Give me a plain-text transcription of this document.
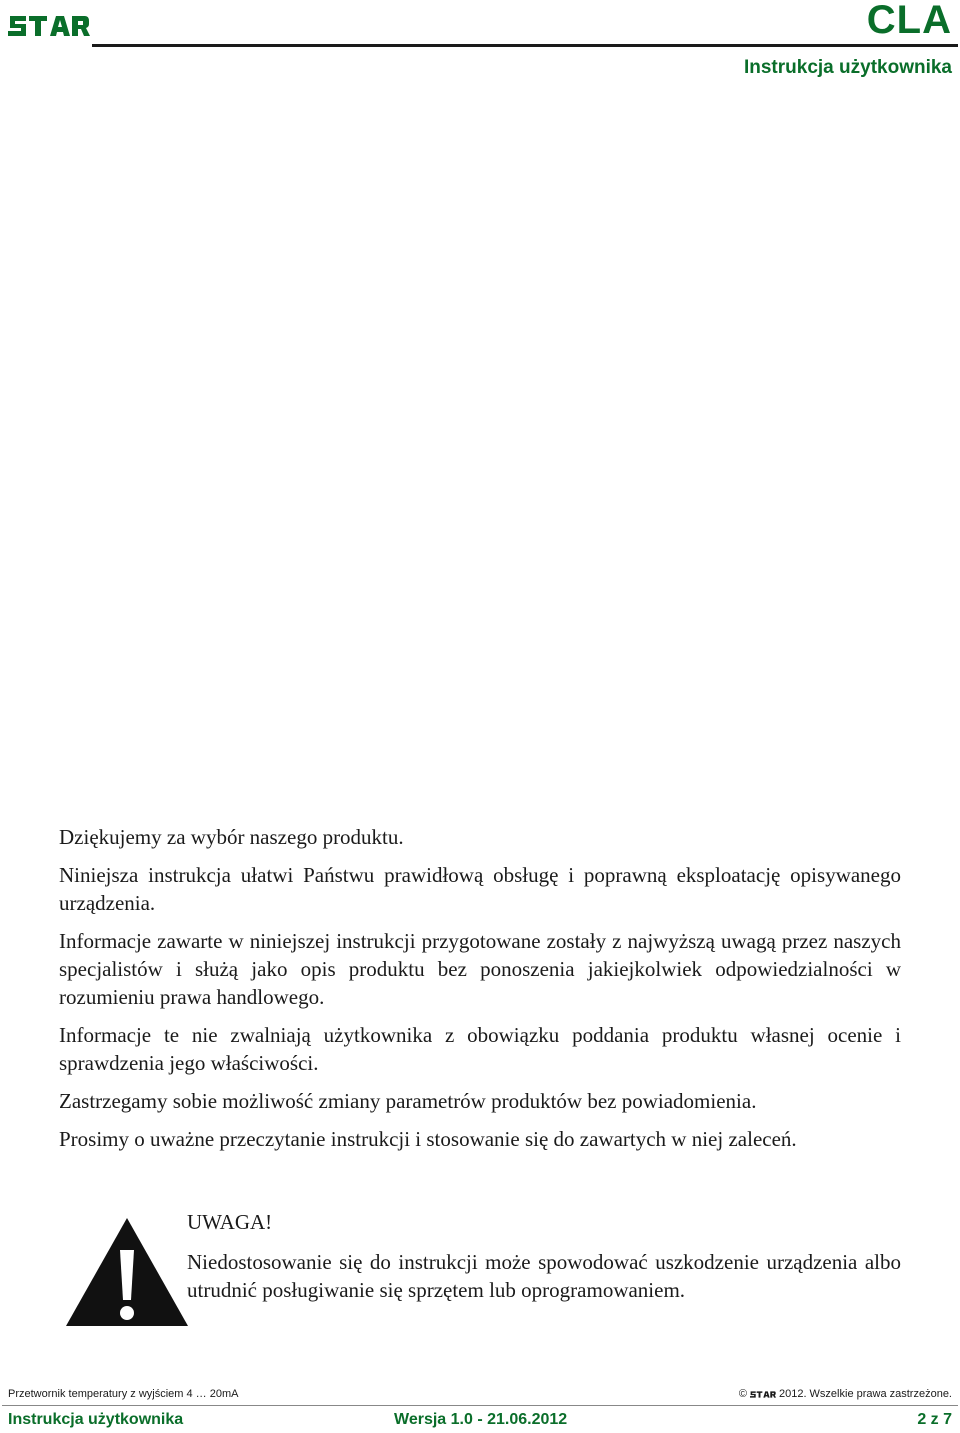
CLA
Instrukcja użytkownika

Dziękujemy za wybór naszego produktu.

Niniejsza instrukcja ułatwi Państwu prawidłową obsługę i poprawną eksploatację opisywanego urządzenia.

Informacje zawarte w niniejszej instrukcji przygotowane zostały z najwyższą uwagą przez naszych specjalistów i służą jako opis produktu bez ponoszenia jakiejkolwiek odpowiedzialności w rozumieniu prawa handlowego.

Informacje te nie zwalniają użytkownika z obowiązku poddania produktu własnej ocenie i sprawdzenia jego właściwości.

Zastrzegamy sobie możliwość zmiany parametrów produktów bez powiadomienia.

Prosimy o uważne przeczytanie instrukcji i stosowanie się do zawartych w niej zaleceń.

UWAGA!

Niedostosowanie się do instrukcji może spowodować uszkodzenie urządzenia albo utrudnić posługiwanie się sprzętem lub oprogramowaniem.

Przetwornik temperatury z wyjściem 4 … 20mA	©	2012. Wszelkie prawa zastrzeżone.
Instrukcja użytkownika	Wersja 1.0 - 21.06.2012	2 z 7
